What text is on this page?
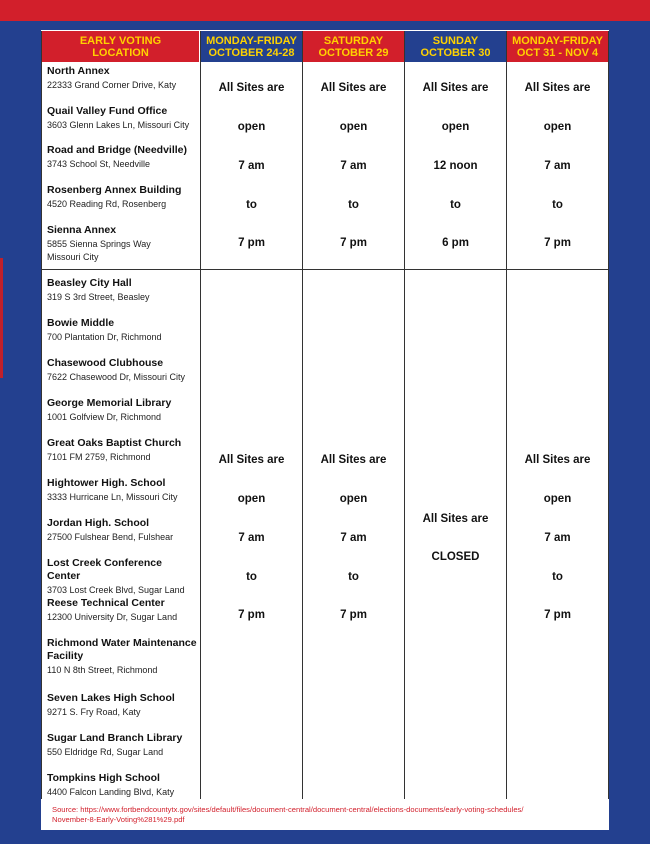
EARLY VOTING
LOCATION
MONDAY-FRIDAY
OCTOBER 24-28
SATURDAY
OCTOBER 29
SUNDAY
OCTOBER 30
MONDAY-FRIDAY
OCT 31 - NOV 4
North Annex
22333 Grand Corner Drive, Katy
Quail Valley Fund Office
3603 Glenn Lakes Ln, Missouri City
Road and Bridge (Needville)
3743 School St, Needville
Rosenberg Annex Building
4520 Reading Rd, Rosenberg
Sienna Annex
5855 Sienna Springs Way
Missouri City
All Sites are
open
7 am
to
7 pm
All Sites are
open
7 am
to
7 pm
All Sites are
open
12 noon
to
6 pm
All Sites are
open
7 am
to
7 pm
Beasley City Hall
319 S 3rd Street, Beasley
Bowie Middle
700 Plantation Dr, Richmond
Chasewood Clubhouse
7622 Chasewood Dr, Missouri City
George Memorial Library
1001 Golfview Dr, Richmond
Great Oaks Baptist Church
7101 FM 2759, Richmond
Hightower High. School
3333 Hurricane Ln, Missouri City
Jordan High. School
27500 Fulshear Bend, Fulshear
Lost Creek Conference Center
3703 Lost Creek Blvd, Sugar Land
Reese Technical Center
12300 University Dr, Sugar Land
Richmond Water Maintenance
Facility
110 N 8th Street, Richmond
Seven Lakes High School
9271 S. Fry Road, Katy
Sugar Land Branch Library
550 Eldridge Rd, Sugar Land
Tompkins High School
4400 Falcon Landing Blvd, Katy
All Sites are
open
7 am
to
7 pm
All Sites are
open
7 am
to
7 pm
All Sites are
CLOSED
All Sites are
open
7 am
to
7 pm
Source: https://www.fortbendcountytx.gov/sites/default/files/document-central/document-central/elections-documents/early-voting-schedules/
November-8-Early-Voting%281%29.pdf
